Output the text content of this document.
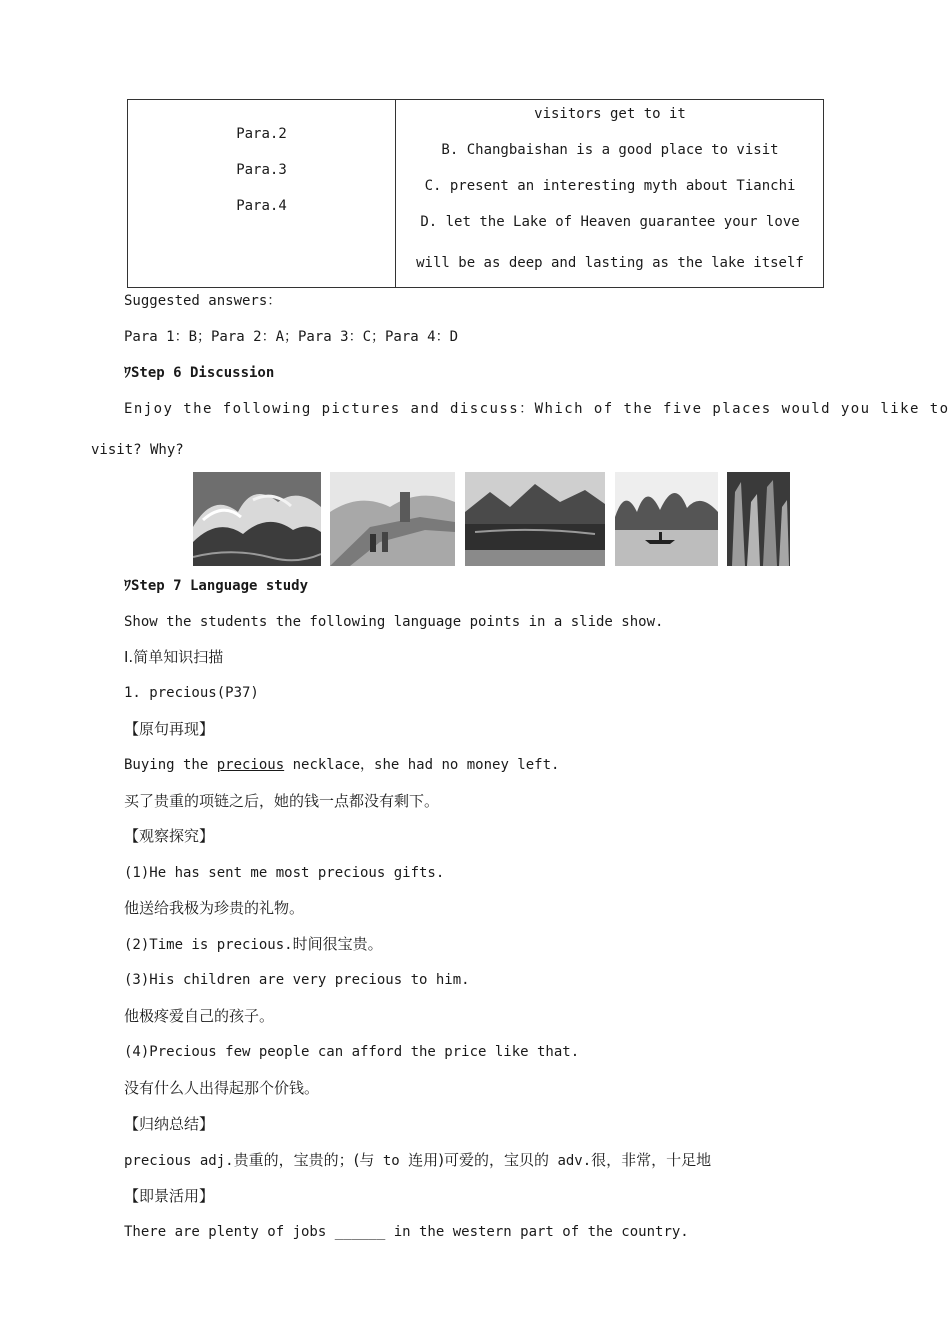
Para.2
Para.3
Para.4

visitors get to it
B. Changbaishan is a good place to visit
C. present an interesting myth about Tianchi
D. let the Lake of Heaven guarantee your love
will be as deep and lasting as the lake itself
Suggested answers：
Para 1：B；Para 2：A；Para 3：C；Para 4：D
ﾜStep 6 Discussion
Enjoy the following pictures and discuss：Which of the five places would you like to
visit? Why?
ﾜStep 7 Language study
Show the students the following language points in a slide show.
Ⅰ.简单知识扫描
1. precious(P37)
【原句再现】
Buying the precious necklace，she had no money left.
买了贵重的项链之后，她的钱一点都没有剩下。
【观察探究】
(1)He has sent me most precious gifts.
他送给我极为珍贵的礼物。
(2)Time is precious.时间很宝贵。
(3)His children are very precious to him.
他极疼爱自己的孩子。
(4)Precious few people can afford the price like that.
没有什么人出得起那个价钱。
【归纳总结】
precious adj.贵重的，宝贵的；(与 to 连用)可爱的，宝贝的 adv.很，非常，十足地
【即景活用】
There are plenty of jobs ______ in the western part of the country.
